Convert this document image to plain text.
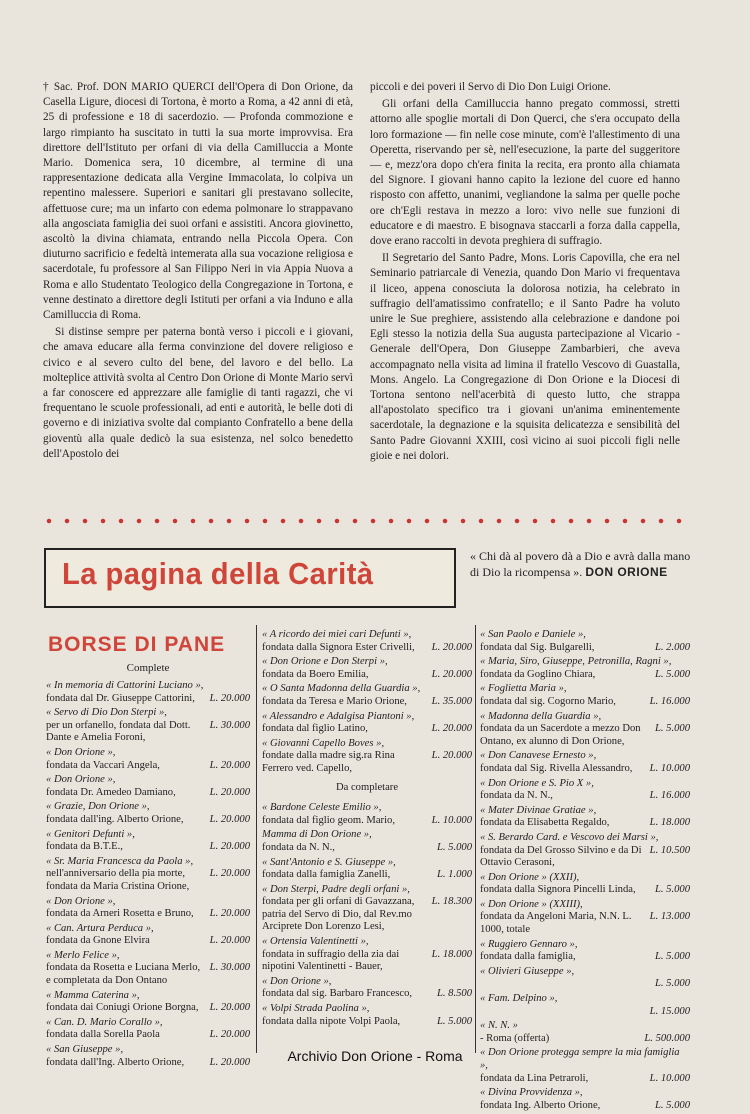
† Sac. Prof. DON MARIO QUERCI dell'Opera di Don Orione, da Casella Ligure, diocesi di Tortona, è morto a Roma, a 42 anni di età, 25 di professione e 18 di sacerdozio. — Profonda commozione e largo rimpianto ha suscitato in tutti la sua morte improvvisa. Era direttore dell'Istituto per orfani di via della Camilluccia a Monte Mario. Domenica sera, 10 dicembre, al termine di una rappresentazione dedicata alla Vergine Immacolata, lo colpiva un repentino malessere. Superiori e sanitari gli prestavano sollecite, affettuose cure; ma un infarto con edema polmonare lo strappavano alla angosciata famiglia dei suoi orfani e assistiti. Ancora giovinetto, ascoltò la divina chiamata, entrando nella Piccola Opera. Con diuturno sacrificio e fedeltà intemerata alla sua vocazione religiosa e sacerdotale, fu professore al San Filippo Neri in via Appia Nuova a Roma e allo Studentato Teologico della Congregazione in Tortona, e venne destinato a direttore degli Istituti per orfani a via Induno e alla Camilluccia di Roma.

Si distinse sempre per paterna bontà verso i piccoli e i giovani, che amava educare alla ferma convinzione del dovere religioso e civico e al severo culto del bene, del lavoro e del bello. La molteplice attività svolta al Centro Don Orione di Monte Mario servì a far conoscere ed apprezzare alle famiglie di tanti ragazzi, che vi frequentano le scuole professionali, ad enti e autorità, le belle doti di governo e di iniziativa svolte dal compianto Confratello a bene della gioventù alla quale dedicò la sua esistenza, nel solco benedetto dell'Apostolo dei

piccoli e dei poveri il Servo di Dio Don Luigi Orione.

Gli orfani della Camilluccia hanno pregato commossi, stretti attorno alle spoglie mortali di Don Querci, che s'era occupato della loro formazione — fin nelle cose minute, com'è l'allestimento di una Operetta, riservando per sè, nell'esecuzione, la parte del suggeritore — e, mezz'ora dopo ch'era finita la recita, era pronto alla chiamata del Signore. I giovani hanno capito la lezione del cuore ed hanno risposto con affetto, unanimi, vegliandone la salma per quelle poche ore ch'Egli restava in mezzo a loro: vivo nelle sue funzioni di educatore e di maestro. E bisognava staccarli a forza dalla cappella, dove erano raccolti in devota preghiera di suffragio.

Il Segretario del Santo Padre, Mons. Loris Capovilla, che era nel Seminario patriarcale di Venezia, quando Don Mario vi frequentava il liceo, appena conosciuta la dolorosa notizia, ha celebrato in suffragio dell'amatissimo confratello; e il Santo Padre ha voluto unire le Sue preghiere, assistendo alla celebrazione e dandone poi Egli stesso la notizia della Sua augusta partecipazione al Vicario - Generale dell'Opera, Don Giuseppe Zambarbieri, che aveva accompagnato nella visita ad limina il fratello Vescovo di Guastalla, Mons. Angelo. La Congregazione di Don Orione e la Diocesi di Tortona sentono nell'acerbità di questo lutto, che strappa all'apostolato specifico tra i giovani un'anima eminentemente sacerdotale, la degnazione e la squisita delicatezza e sensibilità del Santo Padre Giovanni XXIII, così vicino ai suoi piccoli figli nelle gioie e nei dolori.

La pagina della Carità	« Chi dà al povero dà a Dio e avrà dalla mano di Dio la ricompensa ». DON ORIONE
BORSE DI PANE
Complete
« In memoria di Cattorini Luciano »,
fondata dal Dr. Giuseppe Cattorini,	L. 20.000
« Servo di Dio Don Sterpi »,
per un orfanello, fondata dal Dott. Dante e Amelia Foroni,
L. 30.000
« Don Orione »,
fondata da Vaccari Angela,	L. 20.000
« Don Orione »,
fondata Dr. Amedeo Damiano,	L. 20.000
« Grazie, Don Orione »,
fondata dall'ing. Alberto Orione,	L. 20.000
« Genitori Defunti »,
fondata da B.T.E.,	L. 20.000
« Sr. Maria Francesca da Paola »,
nell'anniversario della pia morte, fondata da Maria Cristina Orione,
L. 20.000
« Don Orione »,
fondata da Arneri Rosetta e Bruno,	L. 20.000
« Can. Artura Perduca »,
fondata da Gnone Elvira	L. 20.000
« Merlo Felice »,
fondata da Rosetta e Luciana Merlo, e completata da Don Ontano
L. 30.000
« Mamma Caterina »,
fondata dai Coniugi Orione Borgna,	L. 20.000
« Can. D. Mario Corallo »,
fondata dalla Sorella Paola	L. 20.000
« San Giuseppe »,
fondata dall'Ing. Alberto Orione,	L. 20.000
« A ricordo dei miei cari Defunti »,
fondata dalla Signora Ester Crivelli,	L. 20.000
« Don Orione e Don Sterpi »,
fondata da Boero Emilia,	L. 20.000
« O Santa Madonna della Guardia »,
fondata da Teresa e Mario Orione,	L. 35.000
« Alessandro e Adalgisa Piantoni »,
fondata dal figlio Latino,	L. 20.000
« Giovanni Capello Boves »,
fondate dalla madre sig.ra Rina Ferrero ved. Capello,
L. 20.000
Da completare
« Bardone Celeste Emilio »,
fondata dal figlio geom. Mario,	L. 10.000
Mamma di Don Orione »,
fondata da N. N.,	L. 5.000
« Sant'Antonio e S. Giuseppe »,
fondata dalla famiglia Zanelli,	L. 1.000
« Don Sterpi, Padre degli orfani »,
fondata per gli orfani di Gavazzana, patria del Servo di Dio, dal Rev.mo Arciprete Don Lorenzo Lesi,
L. 18.300
« Ortensia Valentinetti »,
fondata in suffragio della zia dai nipotini Valentinetti - Bauer,
L. 18.000
« Don Orione »,
fondata dal sig. Barbaro Francesco,	L. 8.500
« Volpi Strada Paolina »,
fondata dalla nipote Volpi Paola,	L. 5.000
« San Paolo e Daniele »,
fondata dal Sig. Bulgarelli,	L. 2.000
« Maria, Siro, Giuseppe, Petronilla, Ragni »,
fondata da Goglino Chiara,	L. 5.000
« Foglietta Maria »,
fondata dal sig. Cogorno Mario,	L. 16.000
« Madonna della Guardia »,
fondata da un Sacerdote a mezzo Don Ontano, ex alunno di Don Orione,
L. 5.000
« Don Canavese Ernesto »,
fondata dal Sig. Rivella Alessandro,	L. 10.000
« Don Orione e S. Pio X »,
fondata da N. N.,	L. 16.000
« Mater Divinae Gratiae »,
fondata da Elisabetta Regaldo,	L. 18.000
« S. Berardo Card. e Vescovo dei Marsi »,
fondata da Del Grosso Silvino e da Di Ottavio Cerasoni,
L. 10.500
« Don Orione » (XXII),
fondata dalla Signora Pincelli Linda,	L. 5.000
« Don Orione » (XXIII),
fondata da Angeloni Maria, N.N. L. 1000, totale
L. 13.000
« Ruggiero Gennaro »,
fondata dalla famiglia,	L. 5.000
« Olivieri Giuseppe »,
L. 5.000
« Fam. Delpino »,
L. 15.000
« N. N. »
- Roma (offerta)	L. 500.000
« Don Orione protegga sempre la mia famiglia »,
fondata da Lina Petraroli,	L. 10.000
« Divina Provvidenza »,
fondata Ing. Alberto Orione,	L. 5.000
Archivio Don Orione - Roma
